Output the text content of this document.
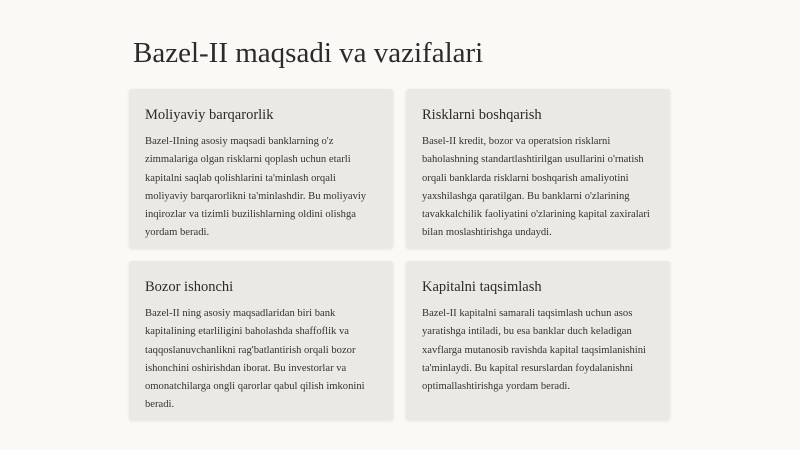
Bazel-II maqsadi va vazifalari
Moliyaviy barqarorlik

Bazel-IIning asosiy maqsadi banklarning o'z zimmalariga olgan risklarni qoplash uchun etarli kapitalni saqlab qolishlarini ta'minlash orqali moliyaviy barqarorlikni ta'minlashdir. Bu moliyaviy inqirozlar va tizimli buzilishlarning oldini olishga yordam beradi.

Risklarni boshqarish

Basel-II kredit, bozor va operatsion risklarni baholashning standartlashtirilgan usullarini o'rnatish orqali banklarda risklarni boshqarish amaliyotini yaxshilashga qaratilgan. Bu banklarni o'zlarining tavakkalchilik faoliyatini o'zlarining kapital zaxiralari bilan moslashtirishga undaydi.

Bozor ishonchi

Bazel-II ning asosiy maqsadlaridan biri bank kapitalining etarliligini baholashda shaffoflik va taqqoslanuvchanlikni rag'batlantirish orqali bozor ishonchini oshirishdan iborat. Bu investorlar va omonatchilarga ongli qarorlar qabul qilish imkonini beradi.

Kapitalni taqsimlash

Bazel-II kapitalni samarali taqsimlash uchun asos yaratishga intiladi, bu esa banklar duch keladigan xavflarga mutanosib ravishda kapital taqsimlanishini ta'minlaydi. Bu kapital resurslardan foydalanishni optimallashtirishga yordam beradi.
